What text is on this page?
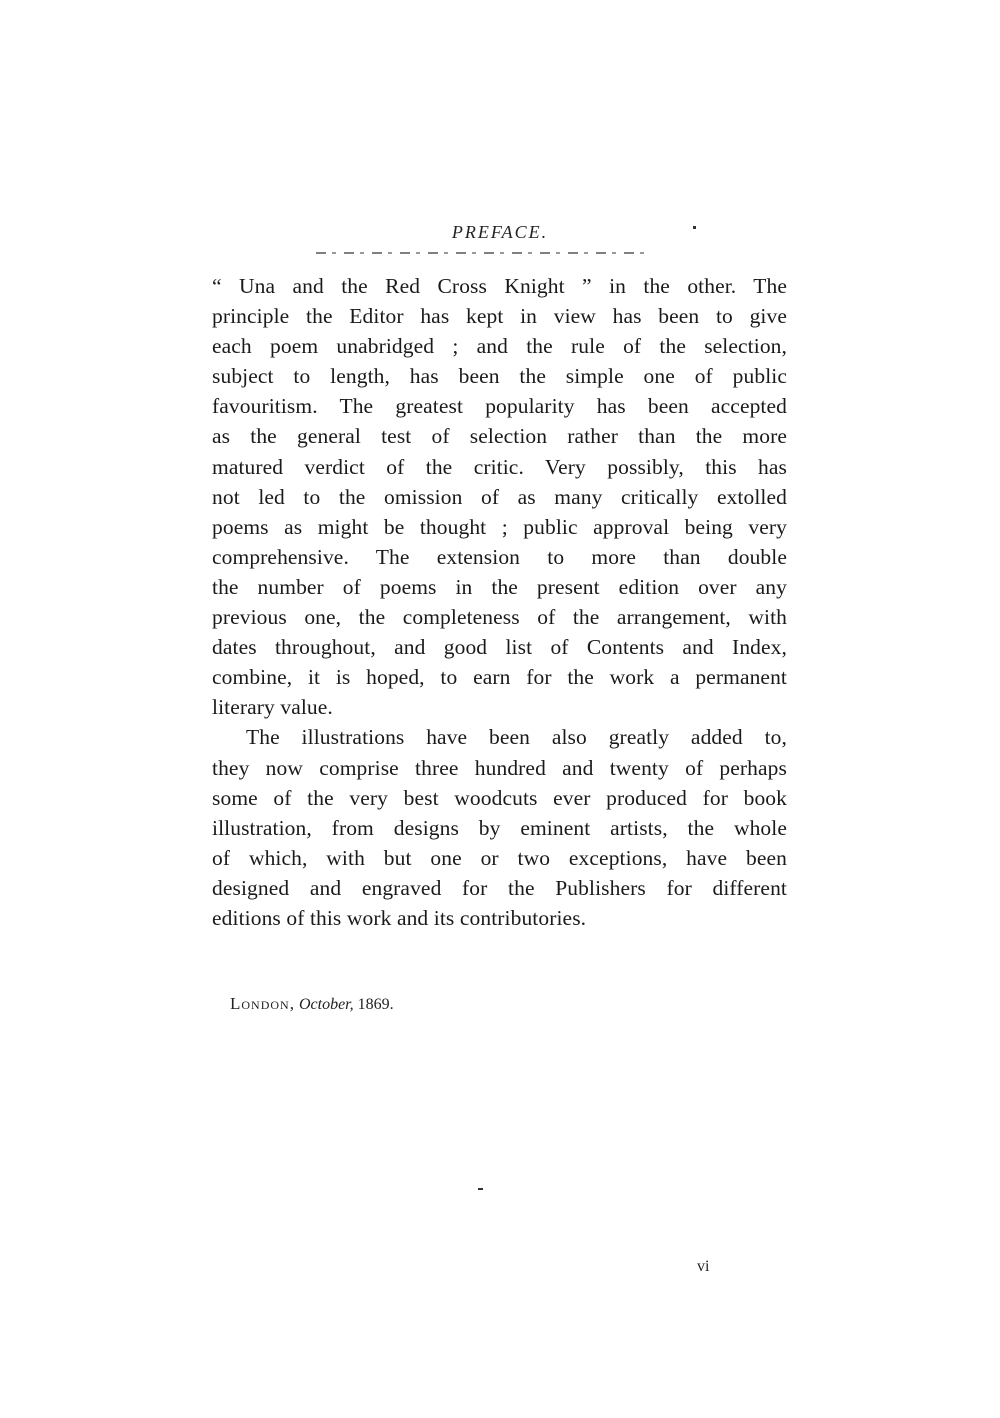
PREFACE.

“ Una and the Red Cross Knight ” in the other. The
principle the Editor has kept in view has been to give
each poem unabridged ; and the rule of the selection,
subject to length, has been the simple one of public
favouritism. The greatest popularity has been accepted
as the general test of selection rather than the more
matured verdict of the critic. Very possibly, this has
not led to the omission of as many critically extolled
poems as might be thought ; public approval being very
comprehensive. The extension to more than double
the number of poems in the present edition over any
previous one, the completeness of the arrangement, with
dates throughout, and good list of Contents and Index,
combine, it is hoped, to earn for the work a permanent
literary value.

The illustrations have been also greatly added to,
they now comprise three hundred and twenty of perhaps
some of the very best woodcuts ever produced for book
illustration, from designs by eminent artists, the whole
of which, with but one or two exceptions, have been
designed and engraved for the Publishers for different
editions of this work and its contributories.

London, October, 1869.
vi
